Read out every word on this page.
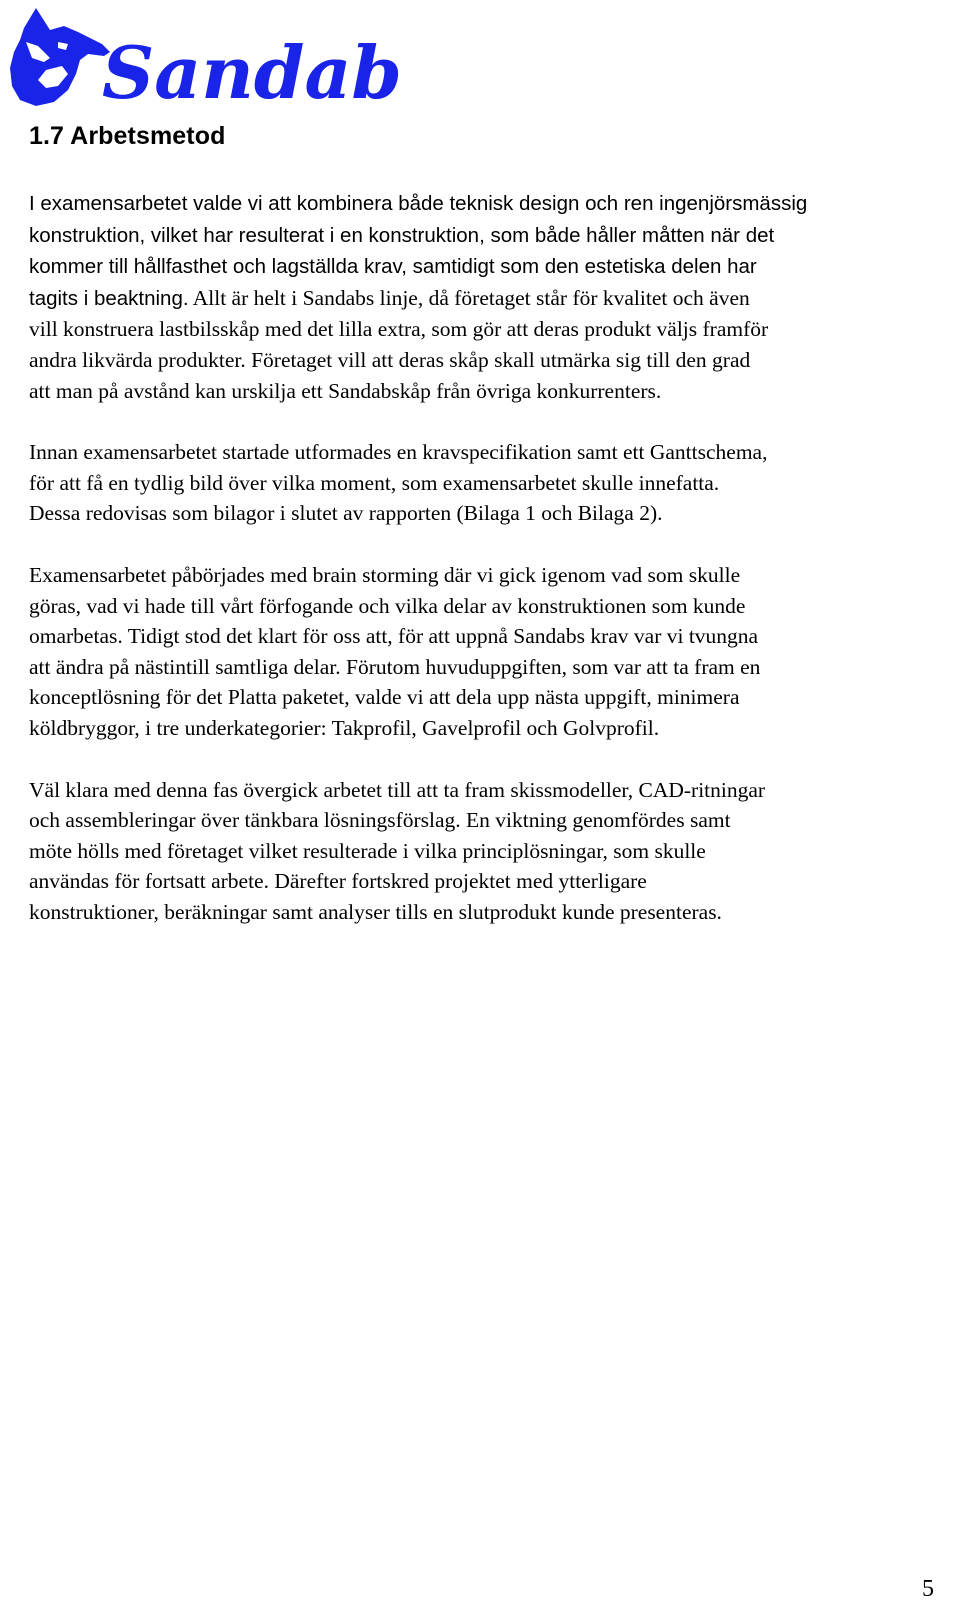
Sandab
1.7 Arbetsmetod

I examensarbetet valde vi att kombinera både teknisk design och ren ingenjörsmässig
konstruktion, vilket har resulterat i en konstruktion, som både håller måtten när det
kommer till hållfasthet och lagställda krav, samtidigt som den estetiska delen har
tagits i beaktning. Allt är helt i Sandabs linje, då företaget står för kvalitet och även
vill konstruera lastbilsskåp med det lilla extra, som gör att deras produkt väljs framför
andra likvärda produkter. Företaget vill att deras skåp skall utmärka sig till den grad
att man på avstånd kan urskilja ett Sandabskåp från övriga konkurrenters.

Innan examensarbetet startade utformades en kravspecifikation samt ett Ganttschema,
för att få en tydlig bild över vilka moment, som examensarbetet skulle innefatta.
Dessa redovisas som bilagor i slutet av rapporten (Bilaga 1 och Bilaga 2).

Examensarbetet påbörjades med brain storming där vi gick igenom vad som skulle
göras, vad vi hade till vårt förfogande och vilka delar av konstruktionen som kunde
omarbetas. Tidigt stod det klart för oss att, för att uppnå Sandabs krav var vi tvungna
att ändra på nästintill samtliga delar. Förutom huvuduppgiften, som var att ta fram en
konceptlösning för det Platta paketet, valde vi att dela upp nästa uppgift, minimera
köldbryggor, i tre underkategorier: Takprofil, Gavelprofil och Golvprofil.

Väl klara med denna fas övergick arbetet till att ta fram skissmodeller, CAD-ritningar
och assembleringar över tänkbara lösningsförslag. En viktning genomfördes samt
möte hölls med företaget vilket resulterade i vilka principlösningar, som skulle
användas för fortsatt arbete. Därefter fortskred projektet med ytterligare
konstruktioner, beräkningar samt analyser tills en slutprodukt kunde presenteras.

5
